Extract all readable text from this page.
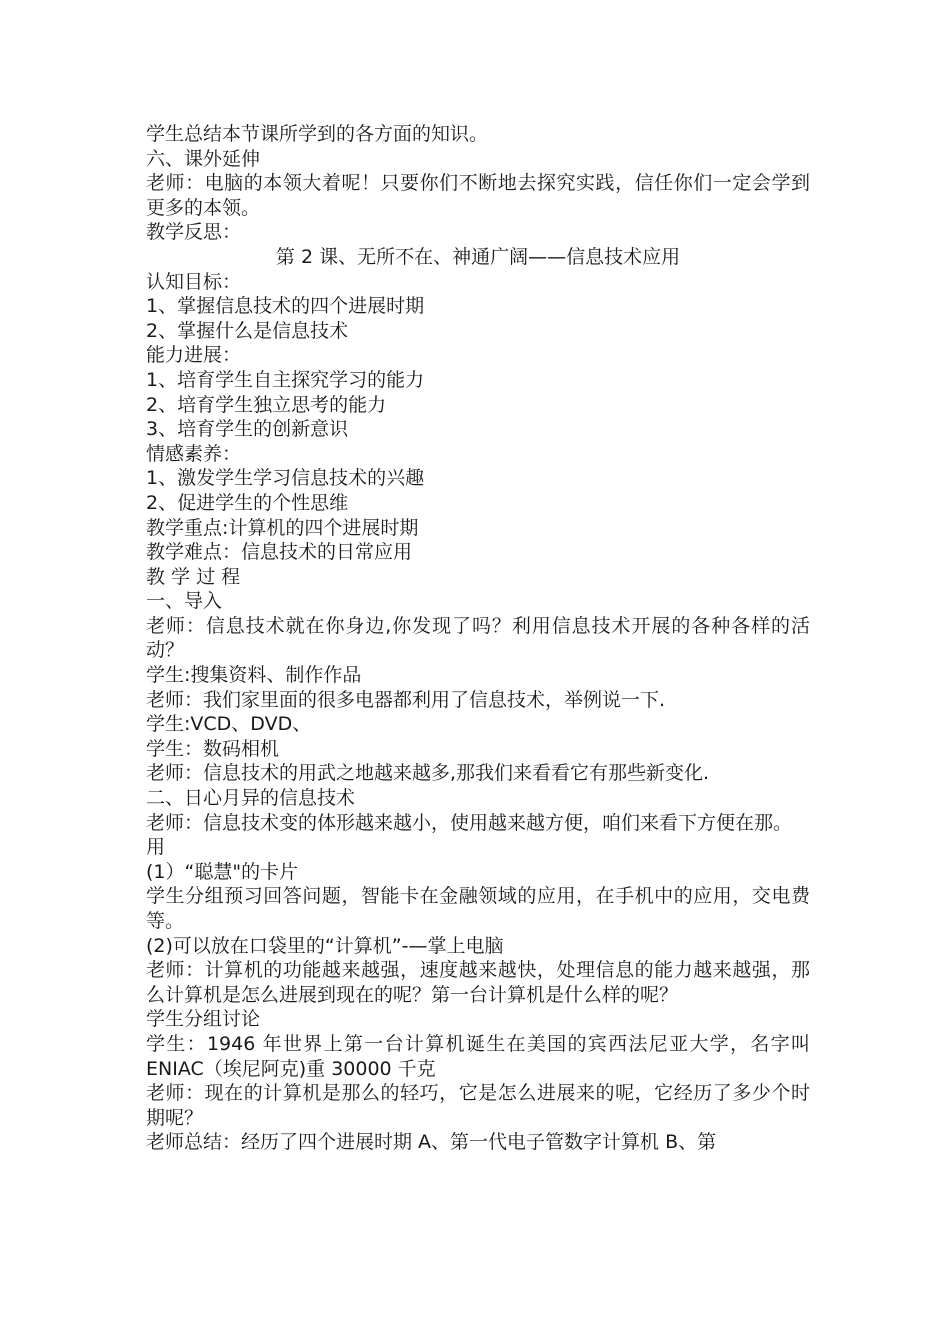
学生总结本节课所学到的各方面的知识。
六、课外延伸
老师：电脑的本领大着呢！只要你们不断地去探究实践，信任你们一定会学到更多的本领。
教学反思：
第 2 课、无所不在、神通广阔——信息技术应用
认知目标：
1、掌握信息技术的四个进展时期
2、掌握什么是信息技术
能力进展：
1、培育学生自主探究学习的能力
2、培育学生独立思考的能力
3、培育学生的创新意识
情感素养：
1、激发学生学习信息技术的兴趣
2、促进学生的个性思维
教学重点:计算机的四个进展时期
教学难点：信息技术的日常应用
教 学 过 程
一、导入
老师：信息技术就在你身边,你发现了吗？利用信息技术开展的各种各样的活动？
学生:搜集资料、制作作品
老师：我们家里面的很多电器都利用了信息技术，举例说一下.
学生:VCD、DVD、
学生：数码相机
老师：信息技术的用武之地越来越多,那我们来看看它有那些新变化.
二、日心月异的信息技术
老师：信息技术变的体形越来越小，使用越来越方便，咱们来看下方便在那。
用
(1）“聪慧"的卡片
学生分组预习回答问题，智能卡在金融领域的应用，在手机中的应用，交电费等。
(2)可以放在口袋里的“计算机”-—掌上电脑
老师：计算机的功能越来越强，速度越来越快，处理信息的能力越来越强，那么计算机是怎么进展到现在的呢？第一台计算机是什么样的呢？
学生分组讨论
学生：1946 年世界上第一台计算机诞生在美国的宾西法尼亚大学，名字叫 ENIAC（埃尼阿克)重 30000 千克
老师：现在的计算机是那么的轻巧，它是怎么进展来的呢，它经历了多少个时期呢？
老师总结：经历了四个进展时期 A、第一代电子管数字计算机 B、第
